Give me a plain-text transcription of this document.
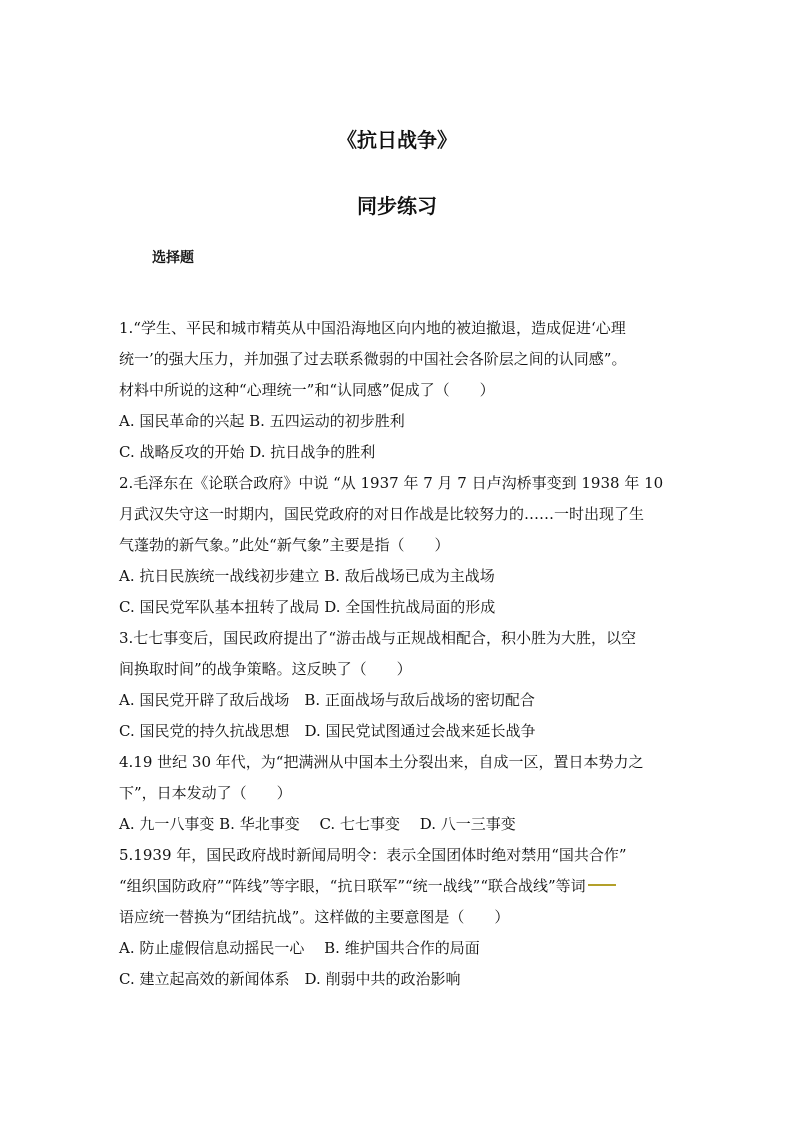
《抗日战争》
同步练习
选择题
1.“学生、平民和城市精英从中国沿海地区向内地的被迫撤退，造成促进‘心理
统一’的强大压力，并加强了过去联系微弱的中国社会各阶层之间的认同感”。
材料中所说的这种“心理统一”和“认同感”促成了（　　）
A. 国民革命的兴起 B. 五四运动的初步胜利
C. 战略反攻的开始 D. 抗日战争的胜利
2.毛泽东在《论联合政府》中说 “从 1937 年 7 月 7 日卢沟桥事变到 1938 年 10
月武汉失守这一时期内，国民党政府的对日作战是比较努力的……一时出现了生
气蓬勃的新气象。”此处“新气象”主要是指（　　）
A. 抗日民族统一战线初步建立 B. 敌后战场已成为主战场
C. 国民党军队基本扭转了战局 D. 全国性抗战局面的形成
3.七七事变后，国民政府提出了“游击战与正规战相配合，积小胜为大胜，以空
间换取时间”的战争策略。这反映了（　　）
A. 国民党开辟了敌后战场　B. 正面战场与敌后战场的密切配合
C. 国民党的持久抗战思想　D. 国民党试图通过会战来延长战争
4.19 世纪 30 年代，为“把满洲从中国本土分裂出来，自成一区，置日本势力之
下”，日本发动了（　　）
A. 九一八事变 B. 华北事变　 C. 七七事变　 D. 八一三事变
5.1939 年，国民政府战时新闻局明令：表示全国团体时绝对禁用“国共合作”
“组织国防政府”“阵线”等字眼，“抗日联军”“统一战线”“联合战线”等词
语应统一替换为“团结抗战”。这样做的主要意图是（　　）
A. 防止虚假信息动摇民一心　 B. 维护国共合作的局面
C. 建立起高效的新闻体系　D. 削弱中共的政治影响
